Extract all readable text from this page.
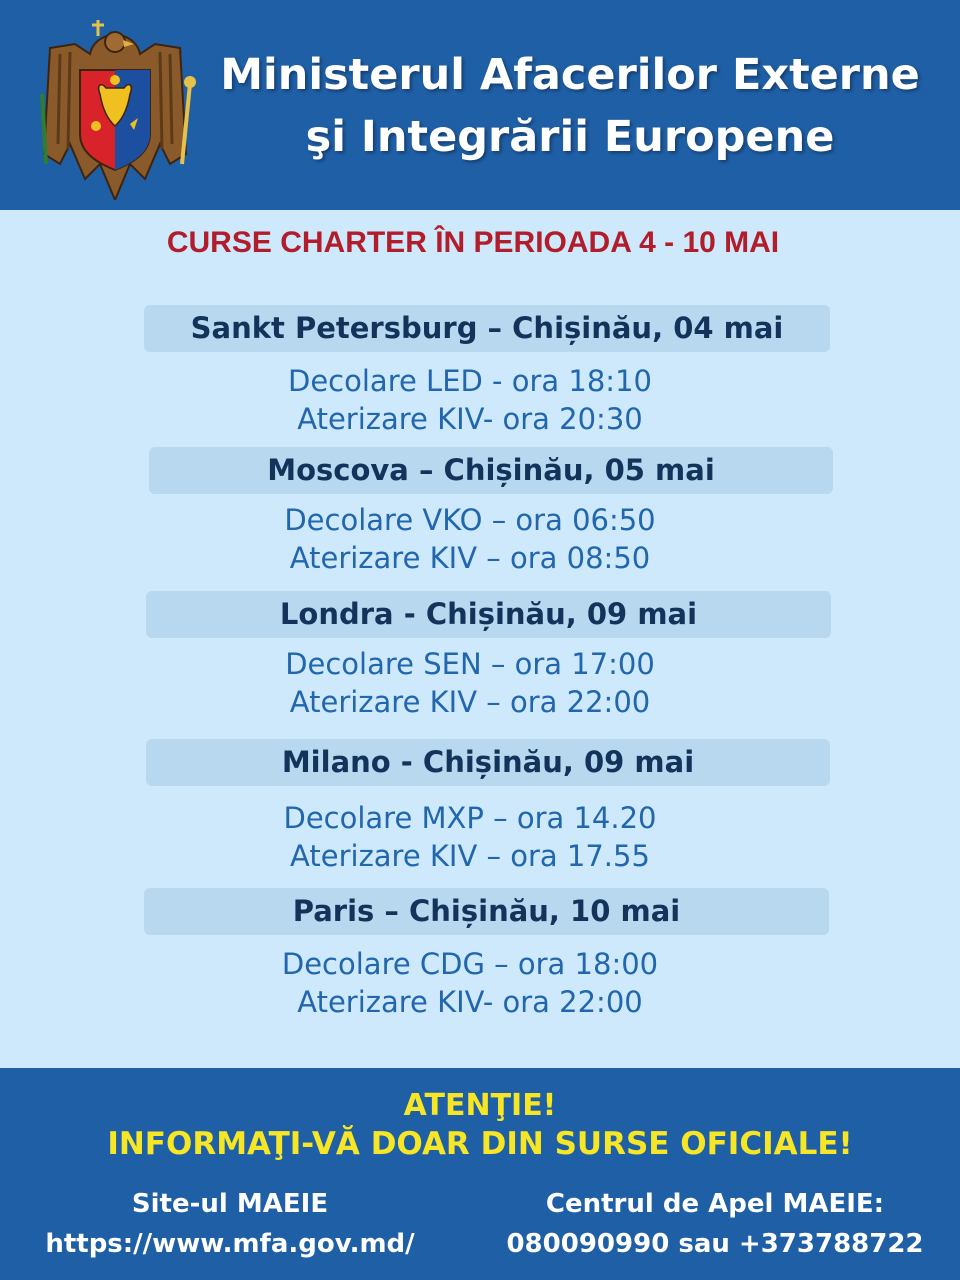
Ministerul Afacerilor Externe
şi Integrării Europene
CURSE CHARTER ÎN PERIOADA 4 - 10 MAI
Sankt Petersburg – Chișinău, 04 mai
Decolare LED - ora 18:10
Aterizare KIV- ora 20:30
Moscova – Chișinău, 05 mai
Decolare VKO – ora 06:50
Aterizare KIV – ora 08:50
Londra - Chișinău, 09 mai
Decolare SEN – ora 17:00
Aterizare KIV – ora 22:00
Milano - Chișinău, 09 mai
Decolare MXP – ora 14.20
Aterizare KIV – ora 17.55
Paris – Chișinău, 10 mai
Decolare CDG – ora 18:00
Aterizare KIV- ora 22:00
ATENŢIE!
INFORMAŢI-VĂ DOAR DIN SURSE OFICIALE!
Site-ul MAEIE
https://www.mfa.gov.md/
Centrul de Apel MAEIE:
080090990 sau +373788722
